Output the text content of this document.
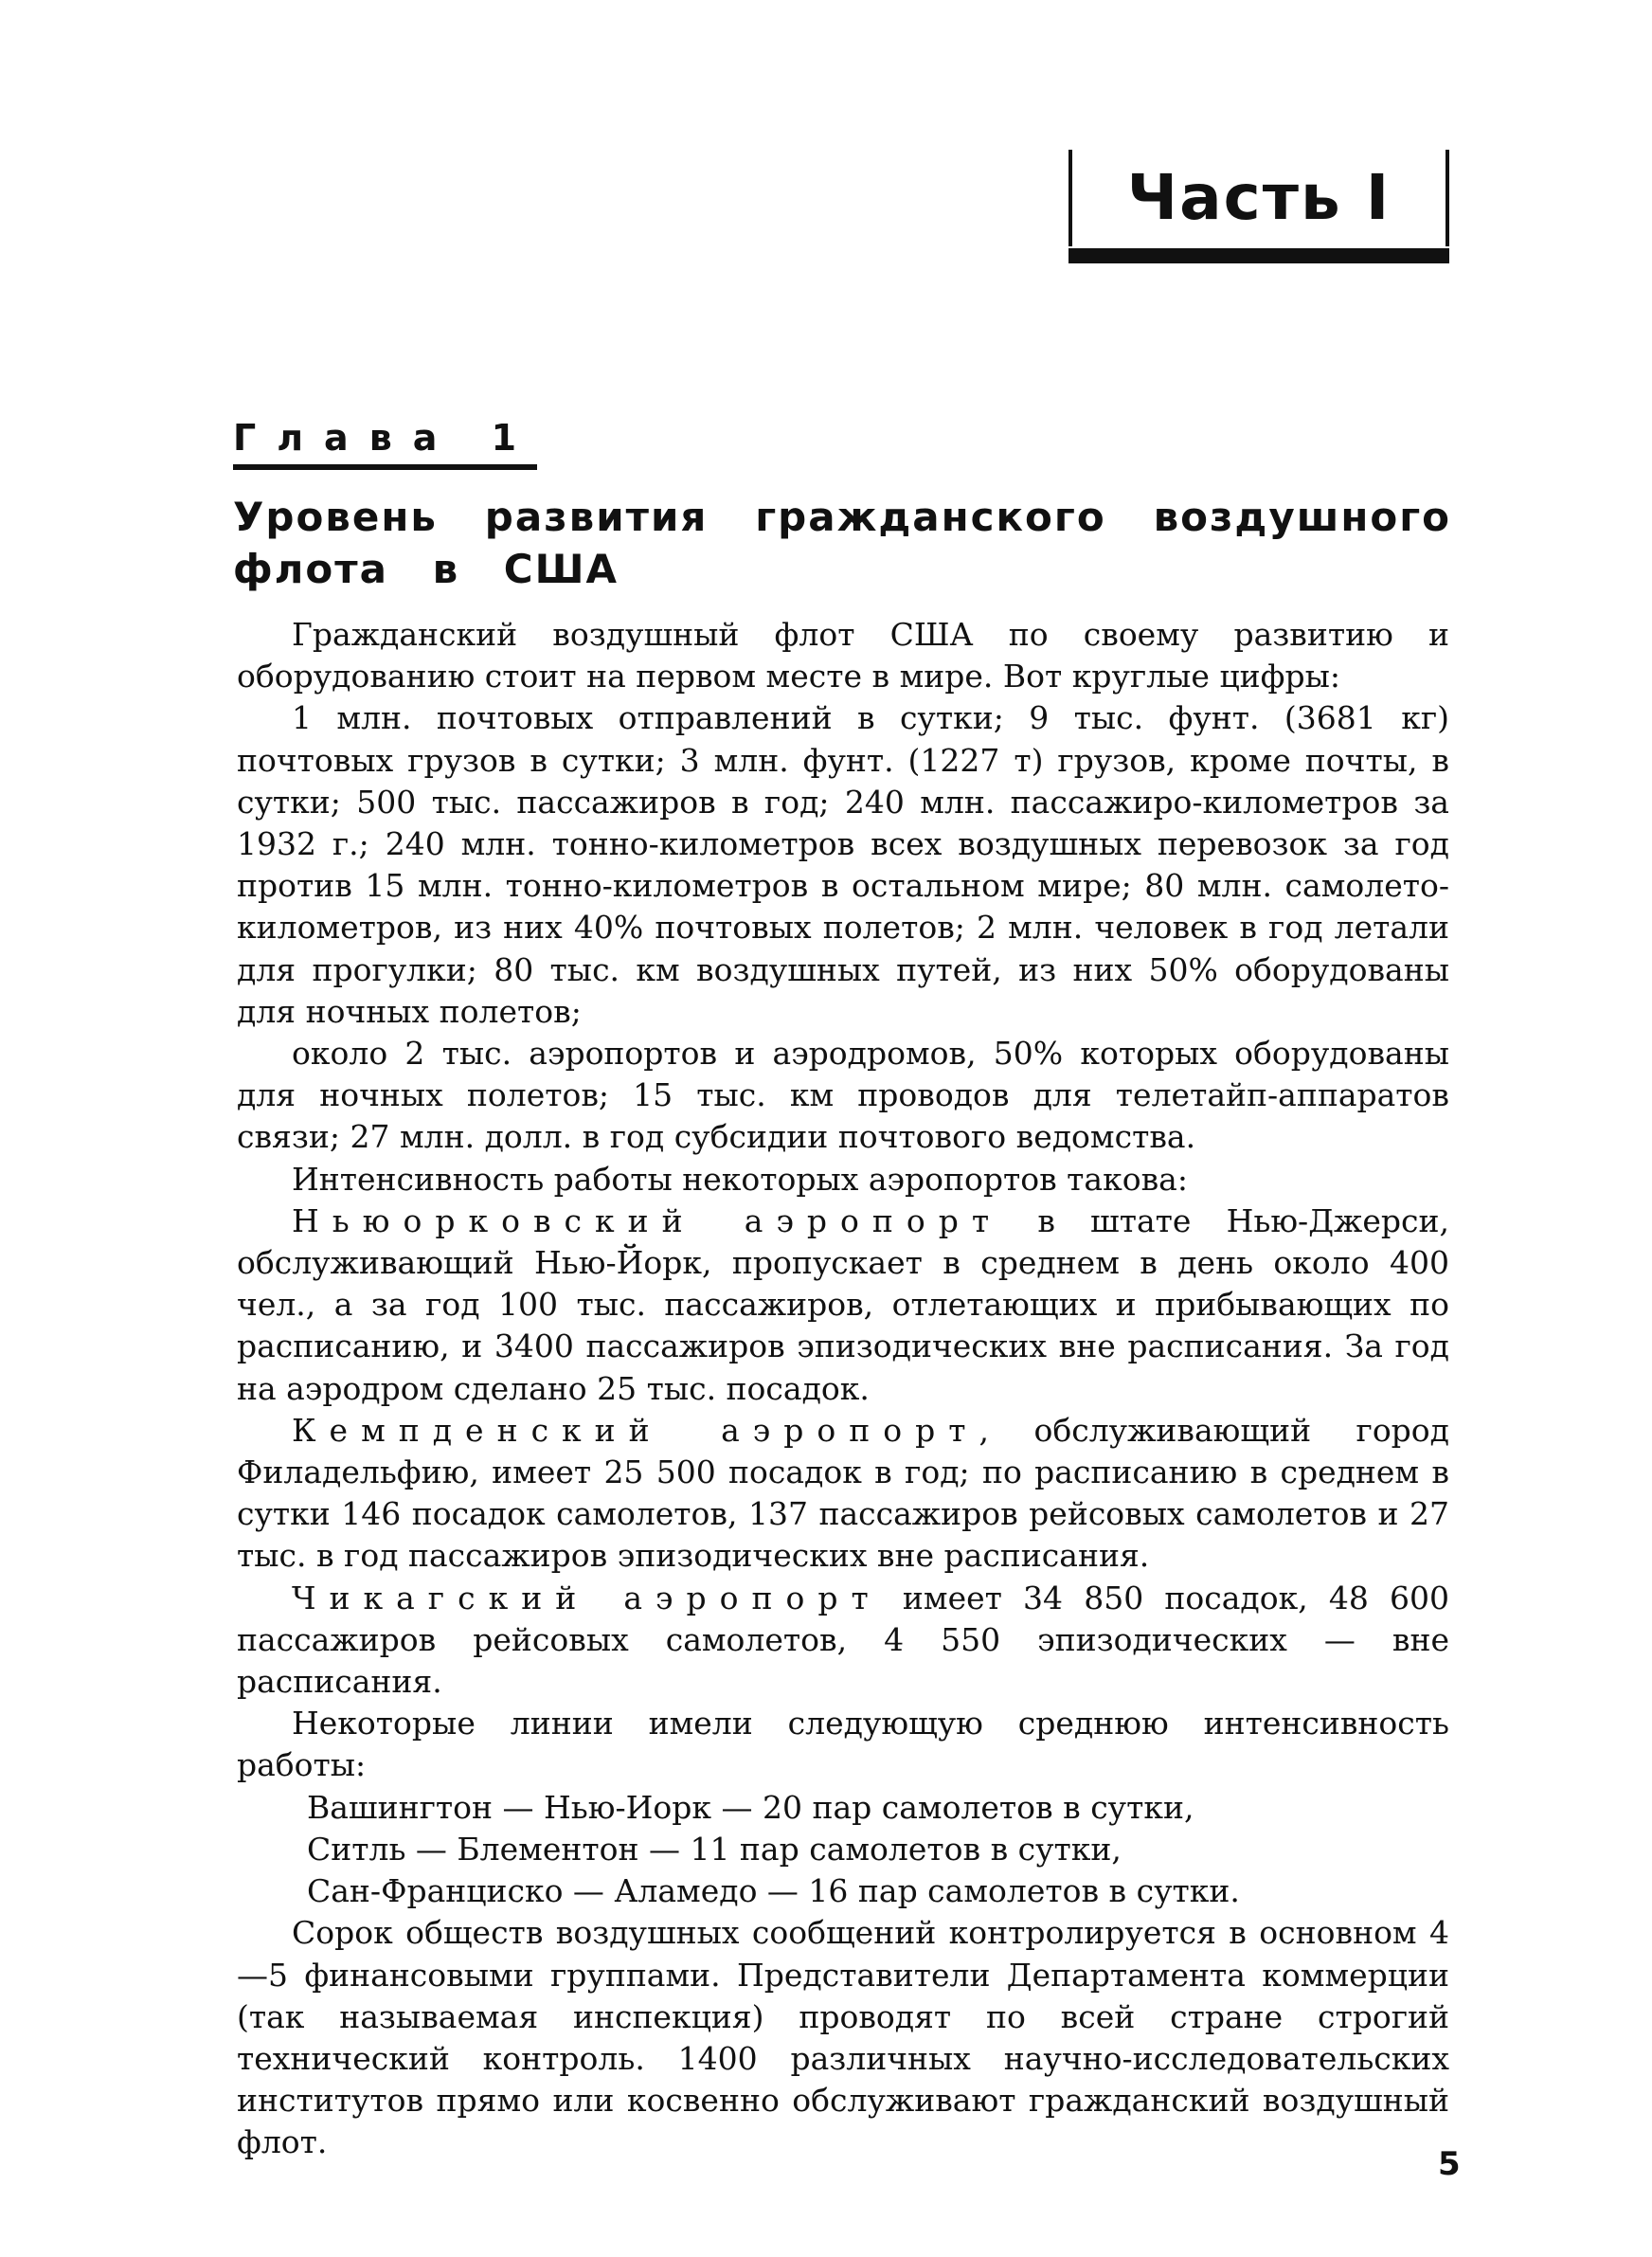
Часть I
Глава 1
Уровень развития гражданского воздушного флота в США

Гражданский воздушный флот США по своему развитию и оборудованию стоит на первом месте в мире. Вот круглые цифры:

1 млн. почтовых отправлений в сутки; 9 тыс. фунт. (3681 кг) почтовых грузов в сутки; 3 млн. фунт. (1227 т) грузов, кроме почты, в сутки; 500 тыс. пассажиров в год; 240 млн. пассажиро-километров за 1932 г.; 240 млн. тонно-километров всех воздушных перевозок за год против 15 млн. тонно-километров в остальном мире; 80 млн. самолето-километров, из них 40% почтовых полетов; 2 млн. человек в год летали для прогулки; 80 тыс. км воздушных путей, из них 50% оборудованы для ночных полетов;

около 2 тыс. аэропортов и аэродромов, 50% которых оборудованы для ночных полетов; 15 тыс. км проводов для телетайп-аппаратов связи; 27 млн. долл. в год субсидии почтового ведомства.

Интенсивность работы некоторых аэропортов такова:

Ньюорковский аэропорт в штате Нью-Джерси, обслуживающий Нью-Йорк, пропускает в среднем в день около 400 чел., а за год 100 тыс. пассажиров, отлетающих и прибывающих по расписанию, и 3400 пассажиров эпизодических вне расписания. За год на аэродром сделано 25 тыс. посадок.

Кемпденский аэропорт, обслуживающий город Филадельфию, имеет 25 500 посадок в год; по расписанию в среднем в сутки 146 посадок самолетов, 137 пассажиров рейсовых самолетов и 27 тыс. в год пассажиров эпизодических вне расписания.

Чикагский аэропорт имеет 34 850 посадок, 48 600 пассажиров рейсовых самолетов, 4 550 эпизодических — вне расписания.

Некоторые линии имели следующую среднюю интенсивность работы:

Вашингтон — Нью-Иорк — 20 пар самолетов в сутки,

Ситль — Блементон — 11 пар самолетов в сутки,

Сан-Франциско — Аламедо — 16 пар самолетов в сутки.

Сорок обществ воздушных сообщений контролируется в основном 4—5 финансовыми группами. Представители Департамента коммерции (так называемая инспекция) проводят по всей стране строгий технический контроль. 1400 различных научно-исследовательских институтов прямо или косвенно обслуживают гражданский воздушный флот.

5
